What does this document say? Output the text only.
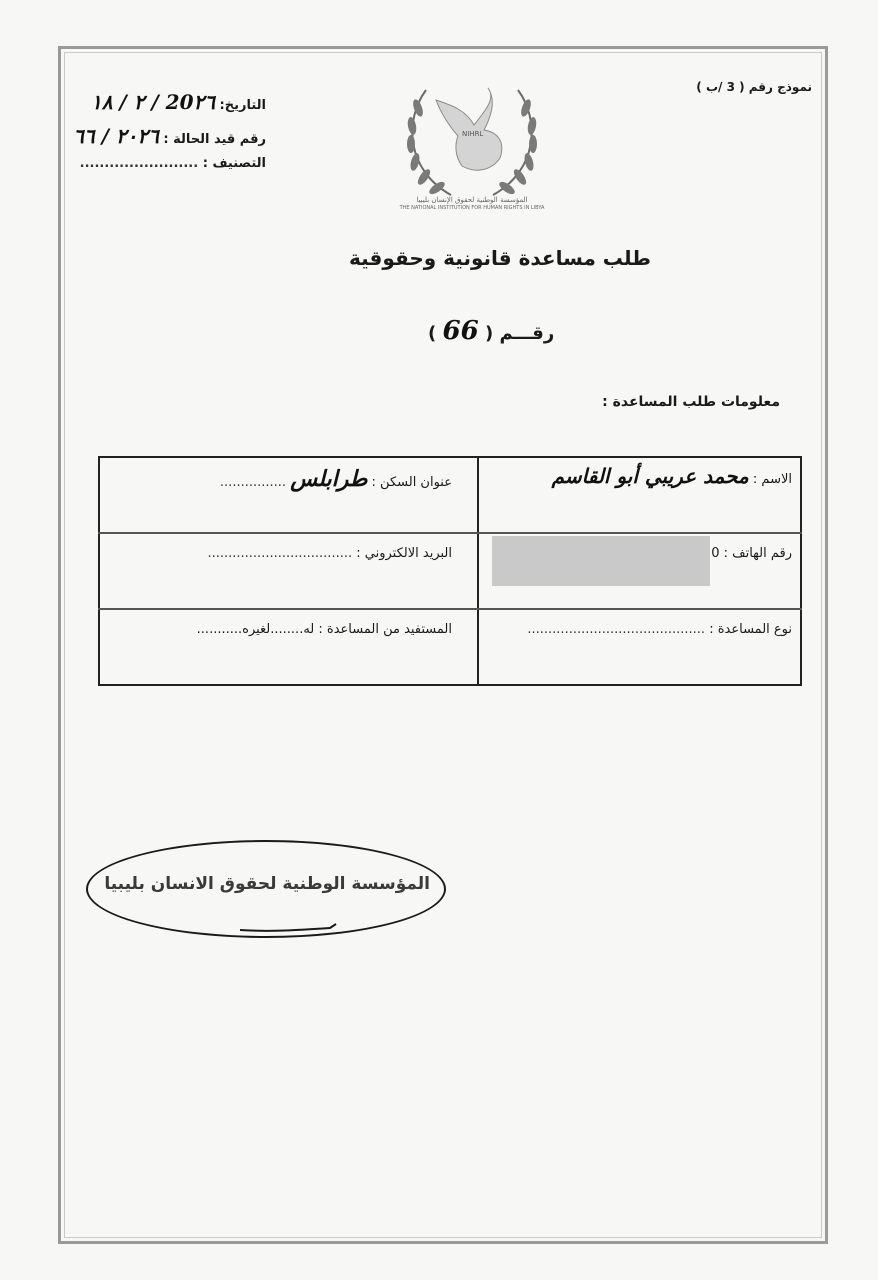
نموذج رقم ( 3 /ب )
التاريخ: 20٢٦ / ٢ / ١٨
رقم قيد الحالة : ٢٠٢٦ / ٦٦
التصنيف : ........................
NIHRL
المؤسسة الوطنية لحقوق الإنسان بليبيا
THE NATIONAL INSTITUTION FOR HUMAN RIGHTS IN LIBYA
طلب مساعدة قانونية وحقوقية
رقـــم ( 66 )
معلومات طلب المساعدة :
الاسم : محمد عريبي أبو القاسم
عنوان السكن : طرابلس ................
رقم الهاتف : 0
البريد الالكتروني : ...................................
نوع المساعدة : ...........................................
المستفيد من المساعدة : له........لغيره...........
المؤسسة الوطنية لحقوق الانسان بليبيا
